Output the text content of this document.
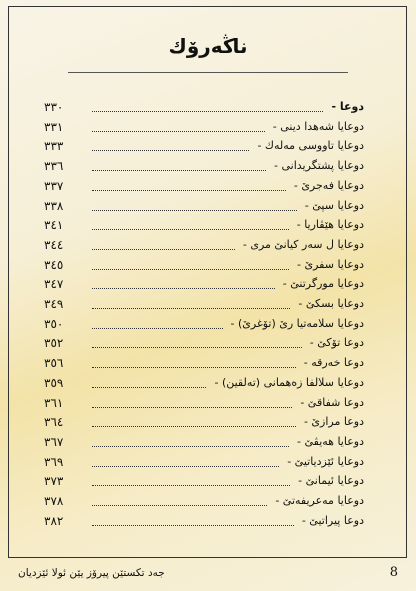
ناڭەرۆك
٣٣٠	دوعا -
٣٣١	دوعايا شەهدا دينى -
٣٣٣	دوعايا تاووسى مەلەك -
٣٣٦	دوعايا پشتگريدانى -
٣٣٧	دوعايا فەجرێ -
٣٣٨	دوعايا سپێ -
٣٤١	دوعايا هێڤاريا -
٣٤٤	دوعايا ل سەر كيانێ مرى -
٣٤٥	دوعايا سفرێ -
٣٤٧	دوعايا مورگرتنێ -
٣٤٩	دوعايا بسكێ -
٣٥٠	دوعايا سلامەتيا رێ (تۆغرێ) -
٣٥٢	دوعا تۆكێ -
٣٥٦	دوعا خەرقە -
٣٥٩	دوعايا سلالفا زەهمانى (تەلقين) -
٣٦١	دوعا شفاقێ -
٣٦٤	دوعا مرازێ -
٣٦٧	دوعايا هەيڤێ -
٣٦٩	دوعايا ئێزدياتيێ -
٣٧٣	دوعايا ئيمانێ -
٣٧٨	دوعايا مەعريفەتێ -
٣٨٢	دوعا پيراتيێ -
جەد تكستێن پيرۆز يێن ئولا ئێزديان	8
